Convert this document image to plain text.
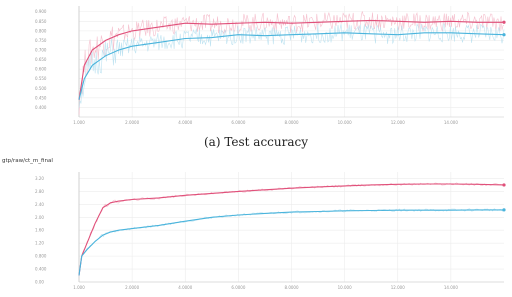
0.900
0.850
0.800
0.750
0.700
0.650
0.600
0.550
0.500
0.450
0.400
1.000	2.0000	4.0000	6.0000	8.0000	10.000	12.000	14.000
(a) Test accuracy
gtp/raw/ct_m_final
3.20
2.80
2.40
2.00
1.60
1.20
0.800
0.400
0.00
1.000	2.0000	4.0000	6.0000	8.0000	10.000	12.000	14.000
